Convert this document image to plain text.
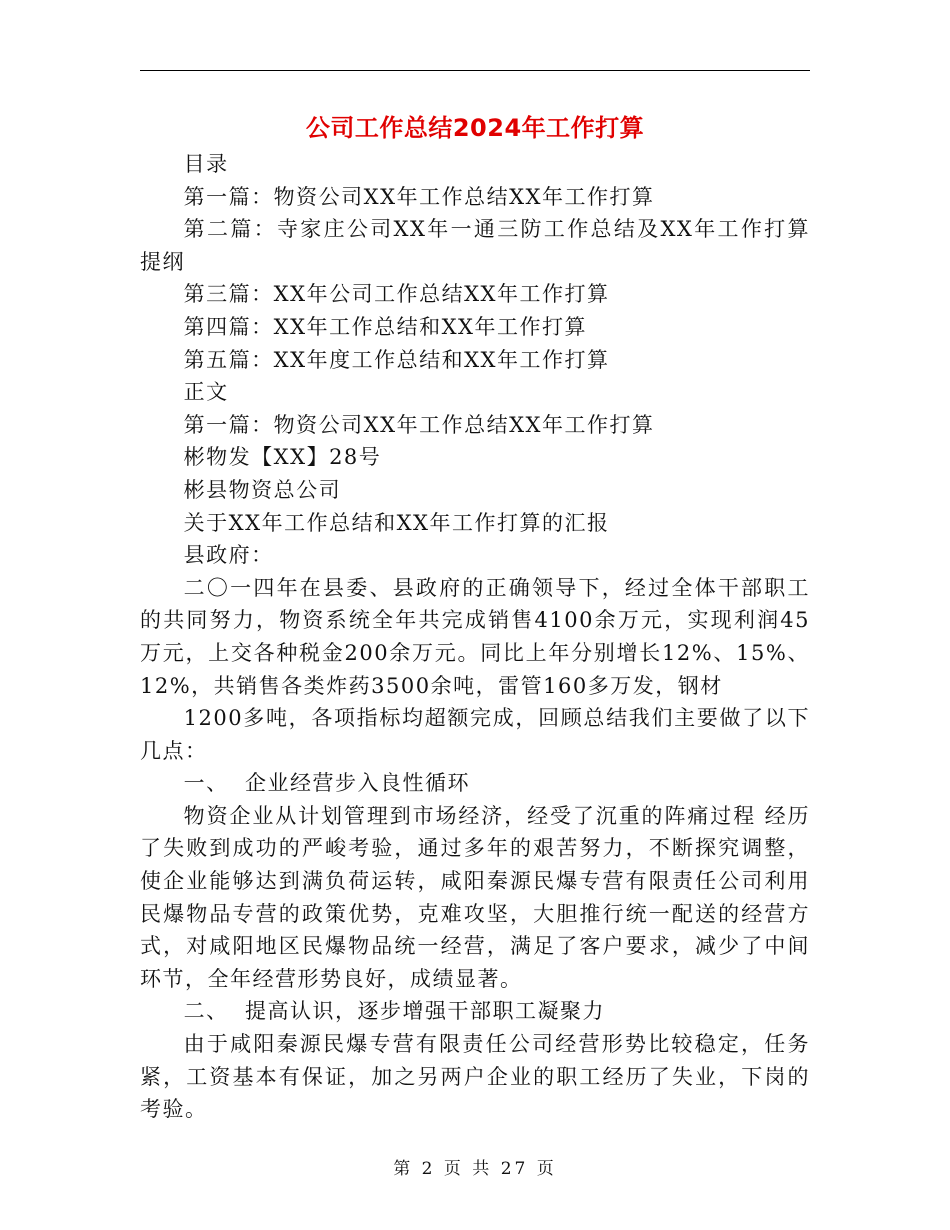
公司工作总结2024年工作打算

目录

第一篇：物资公司XX年工作总结XX年工作打算

第二篇：寺家庄公司XX年一通三防工作总结及XX年工作打算提纲

第三篇：XX年公司工作总结XX年工作打算

第四篇：XX年工作总结和XX年工作打算

第五篇：XX年度工作总结和XX年工作打算

正文

第一篇：物资公司XX年工作总结XX年工作打算

彬物发【XX】28号

彬县物资总公司

关于XX年工作总结和XX年工作打算的汇报

县政府：

二〇一四年在县委、县政府的正确领导下，经过全体干部职工的共同努力，物资系统全年共完成销售4100余万元，实现利润45万元，上交各种税金200余万元。同比上年分别增长12%、15%、12%，共销售各类炸药3500余吨，雷管160多万发，钢材

1200多吨，各项指标均超额完成，回顾总结我们主要做了以下几点：

一、  企业经营步入良性循环

物资企业从计划管理到市场经济，经受了沉重的阵痛过程 经历了失败到成功的严峻考验，通过多年的艰苦努力，不断探究调整，使企业能够达到满负荷运转，咸阳秦源民爆专营有限责任公司利用民爆物品专营的政策优势，克难攻坚，大胆推行统一配送的经营方式，对咸阳地区民爆物品统一经营，满足了客户要求，减少了中间环节，全年经营形势良好，成绩显著。

二、  提高认识，逐步增强干部职工凝聚力

由于咸阳秦源民爆专营有限责任公司经营形势比较稳定，任务紧，工资基本有保证，加之另两户企业的职工经历了失业，下岗的考验。

第 2 页 共 27 页
